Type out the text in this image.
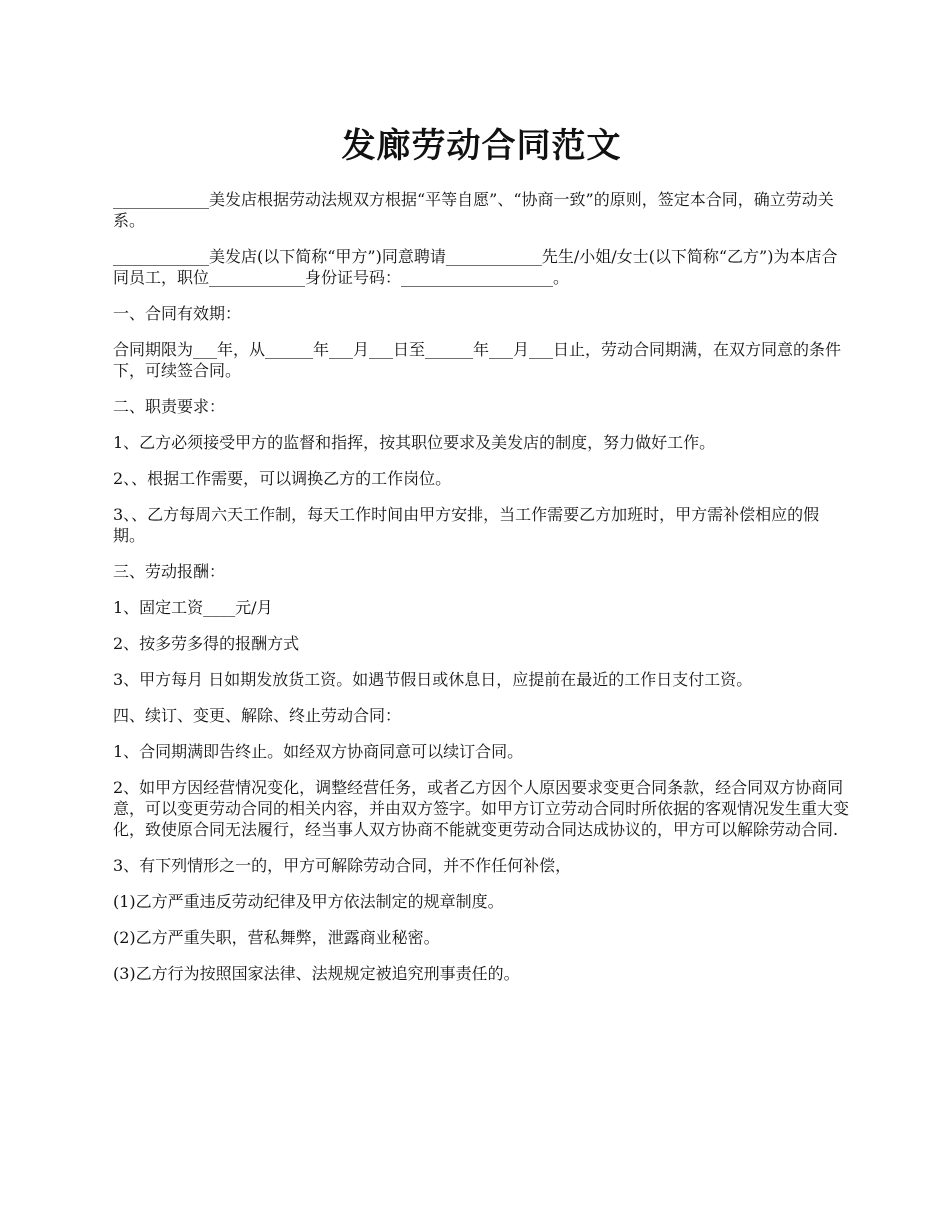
发廊劳动合同范文

____________美发店根据劳动法规双方根据“平等自愿”、“协商一致”的原则，签定本合同，确立劳动关系。

____________美发店(以下简称“甲方”)同意聘请____________先生/小姐/女士(以下简称“乙方”)为本店合同员工，职位____________身份证号码：___________________。

一、合同有效期：

合同期限为___年，从______年___月___日至______年___月___日止，劳动合同期满，在双方同意的条件下，可续签合同。

二、职责要求：

1、乙方必须接受甲方的监督和指挥，按其职位要求及美发店的制度，努力做好工作。

2、、根据工作需要，可以调换乙方的工作岗位。

3、、乙方每周六天工作制，每天工作时间由甲方安排，当工作需要乙方加班时，甲方需补偿相应的假期。

三、劳动报酬：

1、固定工资____元/月

2、按多劳多得的报酬方式

3、甲方每月 日如期发放货工资。如遇节假日或休息日，应提前在最近的工作日支付工资。

四、续订、变更、解除、终止劳动合同：

1、合同期满即告终止。如经双方协商同意可以续订合同。

2、如甲方因经营情况变化，调整经营任务，或者乙方因个人原因要求变更合同条款，经合同双方协商同意，可以变更劳动合同的相关内容，并由双方签字。如甲方订立劳动合同时所依据的客观情况发生重大变化，致使原合同无法履行，经当事人双方协商不能就变更劳动合同达成协议的，甲方可以解除劳动合同.

3、有下列情形之一的，甲方可解除劳动合同，并不作任何补偿，

(1)乙方严重违反劳动纪律及甲方依法制定的规章制度。

(2)乙方严重失职，营私舞弊，泄露商业秘密。

(3)乙方行为按照国家法律、法规规定被追究刑事责任的。
